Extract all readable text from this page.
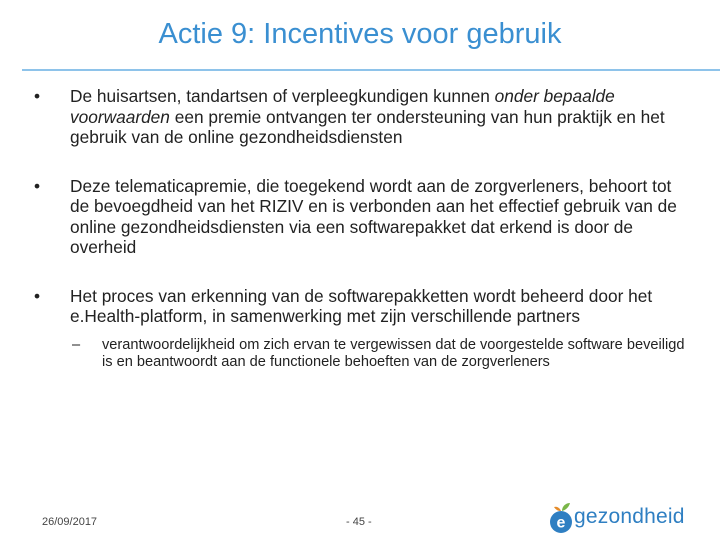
Actie 9: Incentives voor gebruik
• De huisartsen, tandartsen of verpleegkundigen kunnen onder bepaalde voorwaarden een premie ontvangen ter ondersteuning van hun praktijk en het gebruik van de online gezondheidsdiensten
• Deze telematicapremie, die toegekend wordt aan de zorgverleners, behoort tot de bevoegdheid van het RIZIV en is verbonden aan het effectief gebruik van de online gezondheidsdiensten via een softwarepakket dat erkend is door de overheid
• Het proces van erkenning van de softwarepakketten wordt beheerd door het e.Health-platform, in samenwerking met zijn verschillende partners
– verantwoordelijkheid om zich ervan te vergewissen dat de voorgestelde software beveiligd is en beantwoordt aan de functionele behoeften van de zorgverleners
26/09/2017	- 45 -	e gezondheid
